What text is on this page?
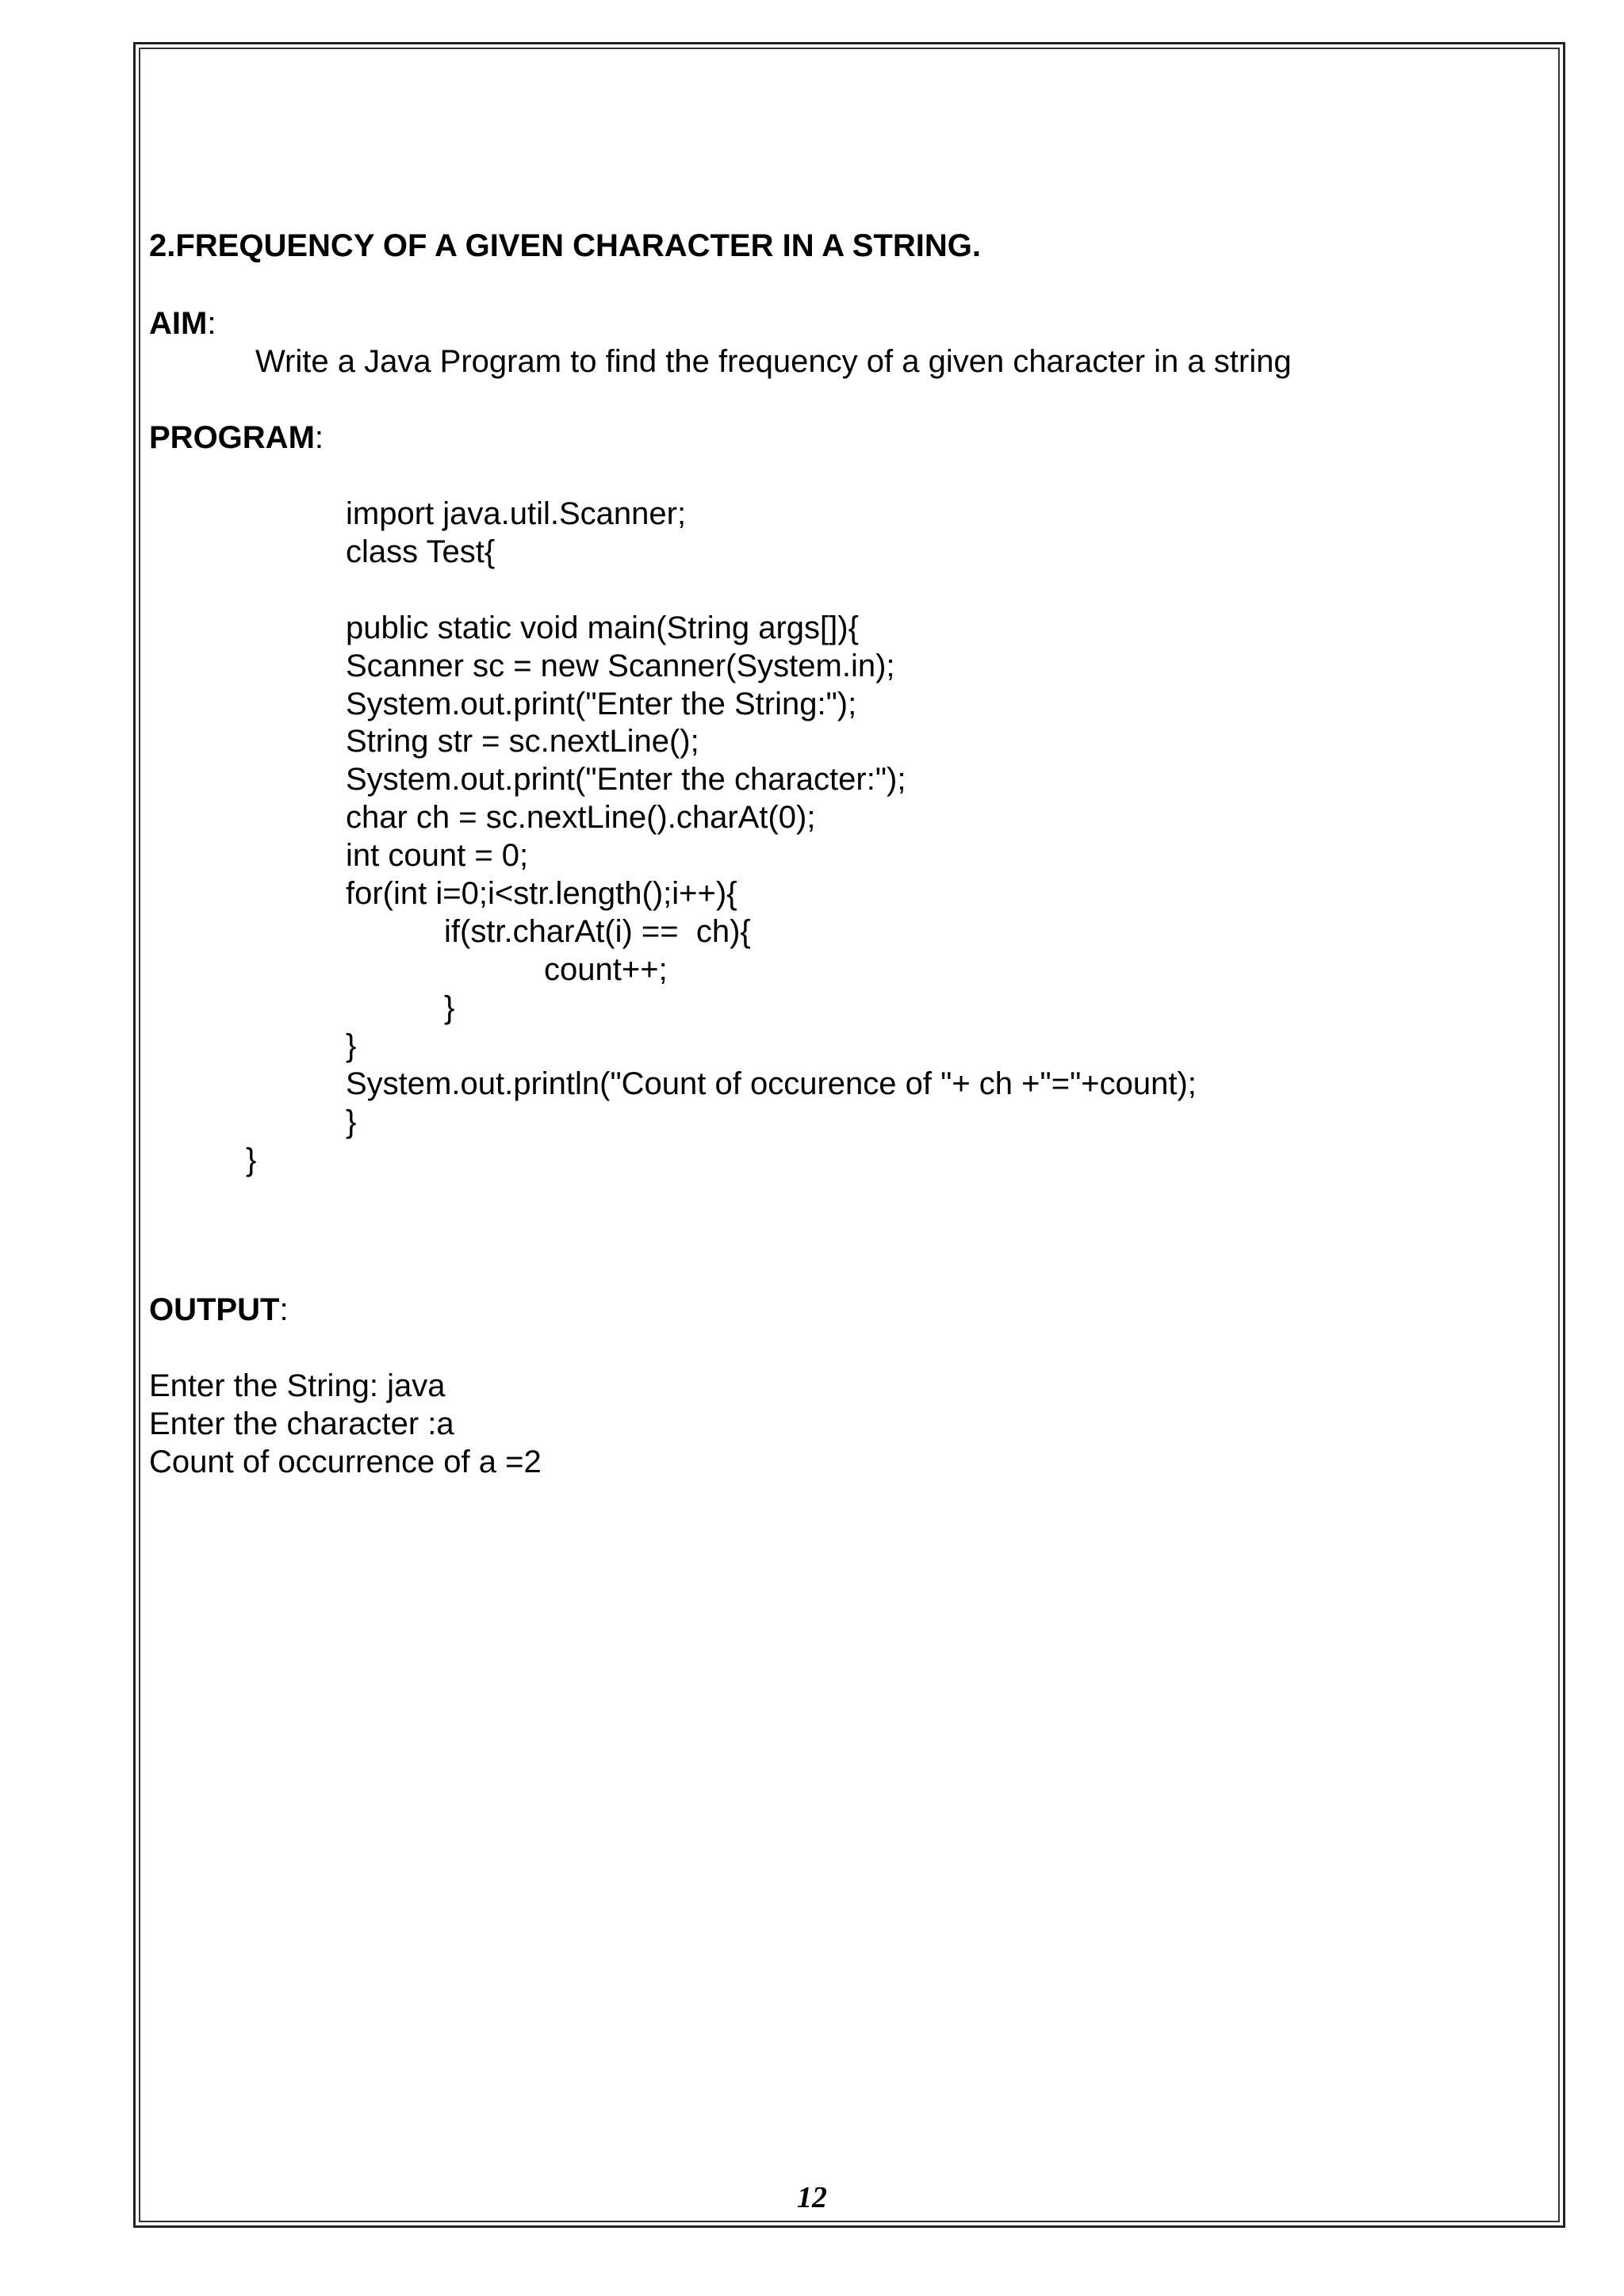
2.FREQUENCY OF A GIVEN CHARACTER IN A STRING.
AIM:
Write a Java Program to find the frequency of a given character in a string
PROGRAM:
import java.util.Scanner;
class Test{
public static void main(String args[]){
Scanner sc = new Scanner(System.in);
System.out.print("Enter the String:");
String str = sc.nextLine();
System.out.print("Enter the character:");
char ch = sc.nextLine().charAt(0);
int count = 0;
for(int i=0;i<str.length();i++){
if(str.charAt(i) ==  ch){
count++;
}
}
System.out.println("Count of occurence of "+ ch +"="+count);
}
}
OUTPUT:
Enter the String: java
Enter the character :a
Count of occurrence of a =2
12
